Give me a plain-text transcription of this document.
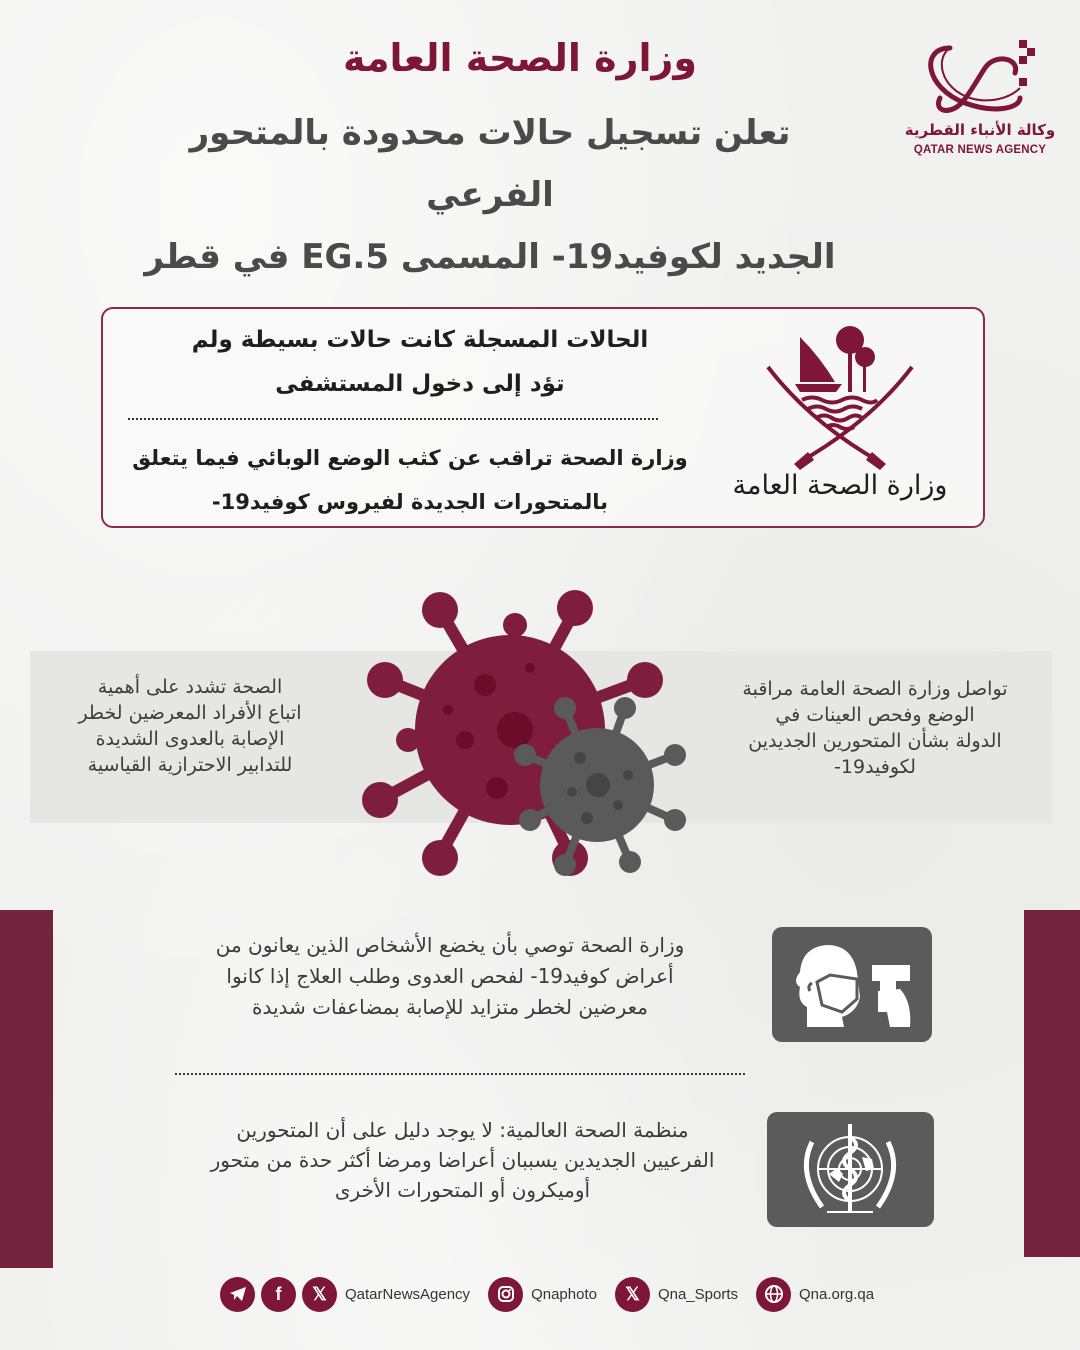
وزارة الصحة العامة
تعلن تسجيل حالات محدودة بالمتحور الفرعي
الجديد لكوفيد19- المسمى EG.5 في قطر
وكالة الأنباء القطرية
QATAR NEWS AGENCY
الحالات المسجلة كانت حالات بسيطة ولم
تؤد إلى دخول المستشفى
وزارة الصحة تراقب عن كثب الوضع الوبائي فيما يتعلق
بالمتحورات الجديدة لفيروس كوفيد19-
وزارة الصحة العامة
الصحة تشدد على أهمية
اتباع الأفراد المعرضين لخطر
الإصابة بالعدوى الشديدة
للتدابير الاحترازية القياسية
تواصل وزارة الصحة العامة مراقبة
الوضع وفحص العينات في
الدولة بشأن المتحورين الجديدين
لكوفيد19-
وزارة الصحة توصي بأن يخضع الأشخاص الذين يعانون من
أعراض كوفيد19- لفحص العدوى وطلب العلاج إذا كانوا
معرضين لخطر متزايد للإصابة بمضاعفات شديدة
منظمة الصحة العالمية: لا يوجد دليل على أن المتحورين
الفرعيين الجديدين يسببان أعراضا ومرضا أكثر حدة من متحور
أوميكرون أو المتحورات الأخرى
f	𝕏	QatarNewsAgency	Qnaphoto	𝕏	Qna_Sports	Qna.org.qa
